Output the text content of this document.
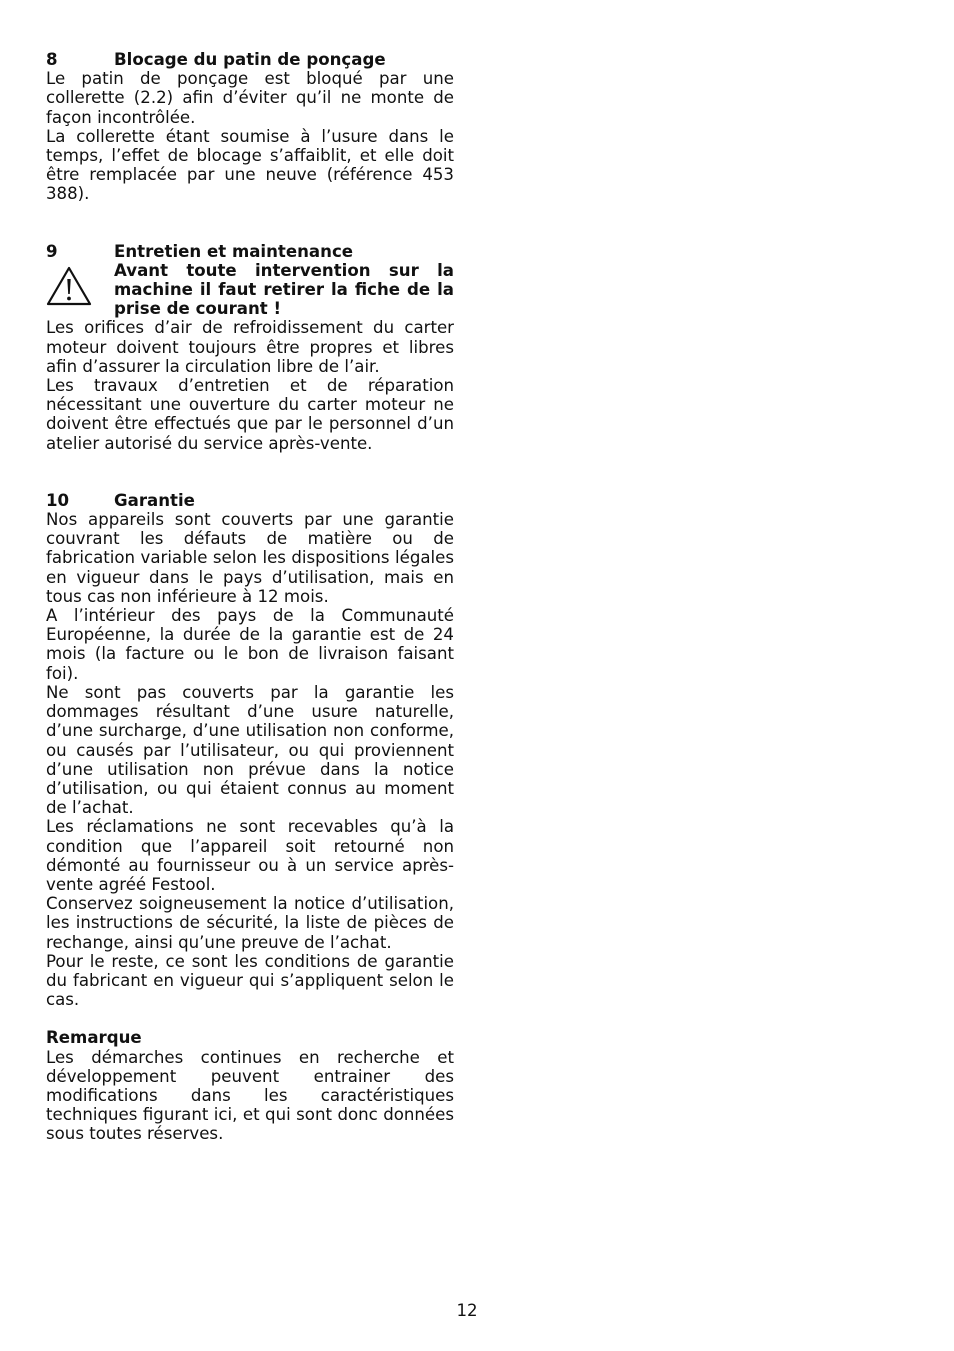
8	Blocage du patin de ponçage

Le patin de ponçage est bloqué par une collerette (2.2) afin d’éviter qu’il ne monte de façon incontrôlée.

La collerette étant soumise à l’usure dans le temps, l’effet de blocage s’affaiblit, et elle doit être remplacée par une neuve (référence 453 388).

9	Entretien et maintenance
Avant toute intervention sur la machine il faut retirer la fiche de la prise de courant !

Les orifices d’air de refroidissement du carter moteur doivent toujours être propres et libres afin d’assurer la circulation libre de l’air.

Les travaux d’entretien et de réparation nécessitant une ouverture du carter moteur ne doivent être effectués que par le personnel d’un atelier autorisé du service après-vente.

10	Garantie

Nos appareils sont couverts par une garantie couvrant les défauts de matière ou de fabrication variable selon les dispositions légales en vigueur dans le pays d’utilisation, mais en tous cas non inférieure à 12 mois.

A l’intérieur des pays de la Communauté Européenne, la durée de la garantie est de 24 mois (la facture ou le bon de livraison faisant foi).

Ne sont pas couverts par la garantie les dommages résultant d’une usure naturelle, d’une surcharge, d’une utilisation non conforme, ou causés par l’utilisateur, ou qui proviennent d’une utilisation non prévue dans la notice d’utilisation, ou qui étaient connus au moment de l’achat.

Les réclamations ne sont recevables qu’à la condition que l’appareil soit retourné non démonté au fournisseur ou à un service après-vente agréé Festool.

Conservez soigneusement la notice d’utilisation, les instructions de sécurité, la liste de pièces de rechange, ainsi qu’une preuve de l’achat.

Pour le reste, ce sont les conditions de garantie du fabricant en vigueur qui s’appliquent selon le cas.

Remarque

Les démarches continues en recherche et développement peuvent entrainer des modifications dans les caractéristiques techniques figurant ici, et qui sont donc données sous toutes réserves.

12
